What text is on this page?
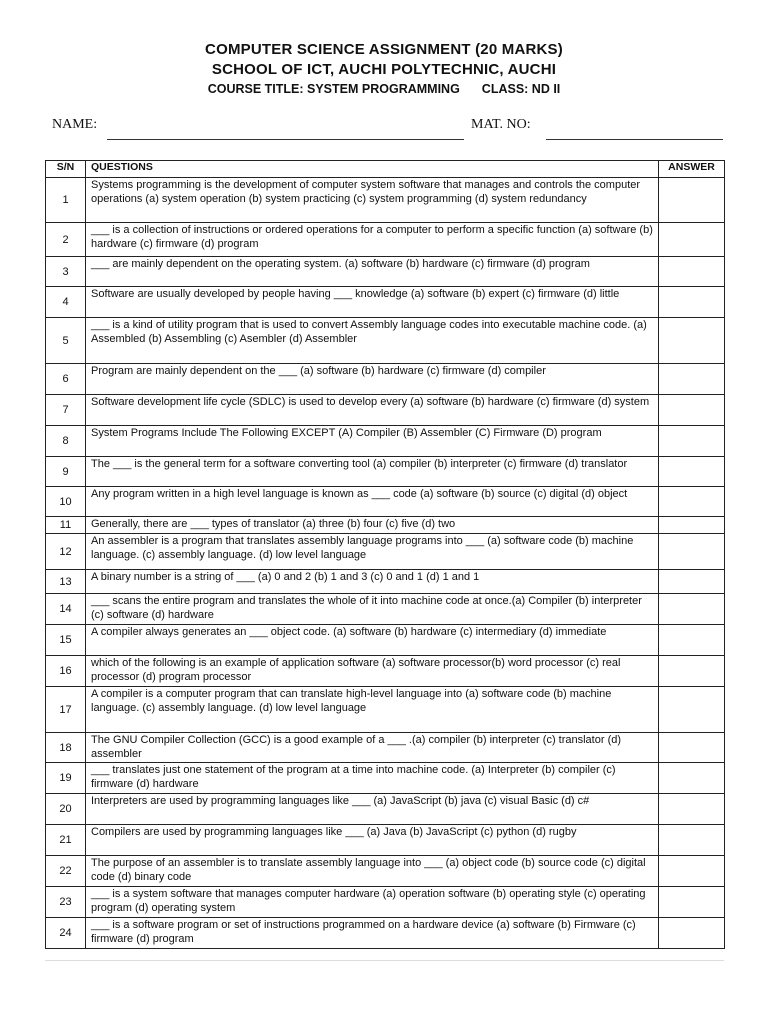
COMPUTER SCIENCE ASSIGNMENT (20 MARKS)
SCHOOL OF ICT, AUCHI POLYTECHNIC, AUCHI
COURSE TITLE: SYSTEM PROGRAMMING CLASS: ND II
NAME:	MAT. NO:
S/N	QUESTIONS	ANSWER
1	Systems programming is the development of computer system software that manages and controls the computer operations (a) system operation (b) system practicing (c) system programming (d) system redundancy	
2	___ is a collection of instructions or ordered operations for a computer to perform a specific function (a) software (b) hardware (c) firmware (d) program	
3	___ are mainly dependent on the operating system. (a) software (b) hardware (c) firmware (d) program	
4	Software are usually developed by people having ___ knowledge (a) software (b) expert (c) firmware (d) little	
5	___ is a kind of utility program that is used to convert Assembly language codes into executable machine code. (a) Assembled (b) Assembling (c) Asembler (d) Assembler	
6	Program are mainly dependent on the ___ (a) software (b) hardware (c) firmware (d) compiler	
7	Software development life cycle (SDLC) is used to develop every (a) software (b) hardware (c) firmware (d) system	
8	System Programs Include The Following EXCEPT (A) Compiler (B) Assembler (C) Firmware (D) program	
9	The ___ is the general term for a software converting tool (a) compiler (b) interpreter (c) firmware (d) translator	
10	Any program written in a high level language is known as ___ code (a) software (b) source (c) digital (d) object	
11	Generally, there are ___ types of translator (a) three (b) four (c) five (d) two	
12	An assembler is a program that translates assembly language programs into ___ (a) software code (b) machine language. (c) assembly language. (d) low level language	
13	A binary number is a string of ___ (a) 0 and 2 (b) 1 and 3 (c) 0 and 1 (d) 1 and 1	
14	___ scans the entire program and translates the whole of it into machine code at once.(a) Compiler (b) interpreter (c) software (d) hardware	
15	A compiler always generates an ___ object code. (a) software (b) hardware (c) intermediary (d) immediate	
16	which of the following is an example of application software (a) software processor(b) word processor (c) real processor (d) program processor	
17	A compiler is a computer program that can translate high-level language into (a) software code (b) machine language. (c) assembly language. (d) low level language	
18	The GNU Compiler Collection (GCC) is a good example of a ___ .(a) compiler (b) interpreter (c) translator (d) assembler	
19	___ translates just one statement of the program at a time into machine code. (a) Interpreter (b) compiler (c) firmware (d) hardware	
20	Interpreters are used by programming languages like ___ (a) JavaScript (b) java (c) visual Basic (d) c#	
21	Compilers are used by programming languages like ___ (a) Java (b) JavaScript (c) python (d) rugby	
22	The purpose of an assembler is to translate assembly language into ___ (a) object code (b) source code (c) digital code (d) binary code	
23	___ is a system software that manages computer hardware (a) operation software (b) operating style (c) operating program (d) operating system	
24	___ is a software program or set of instructions programmed on a hardware device (a) software (b) Firmware (c) firmware (d) program	
